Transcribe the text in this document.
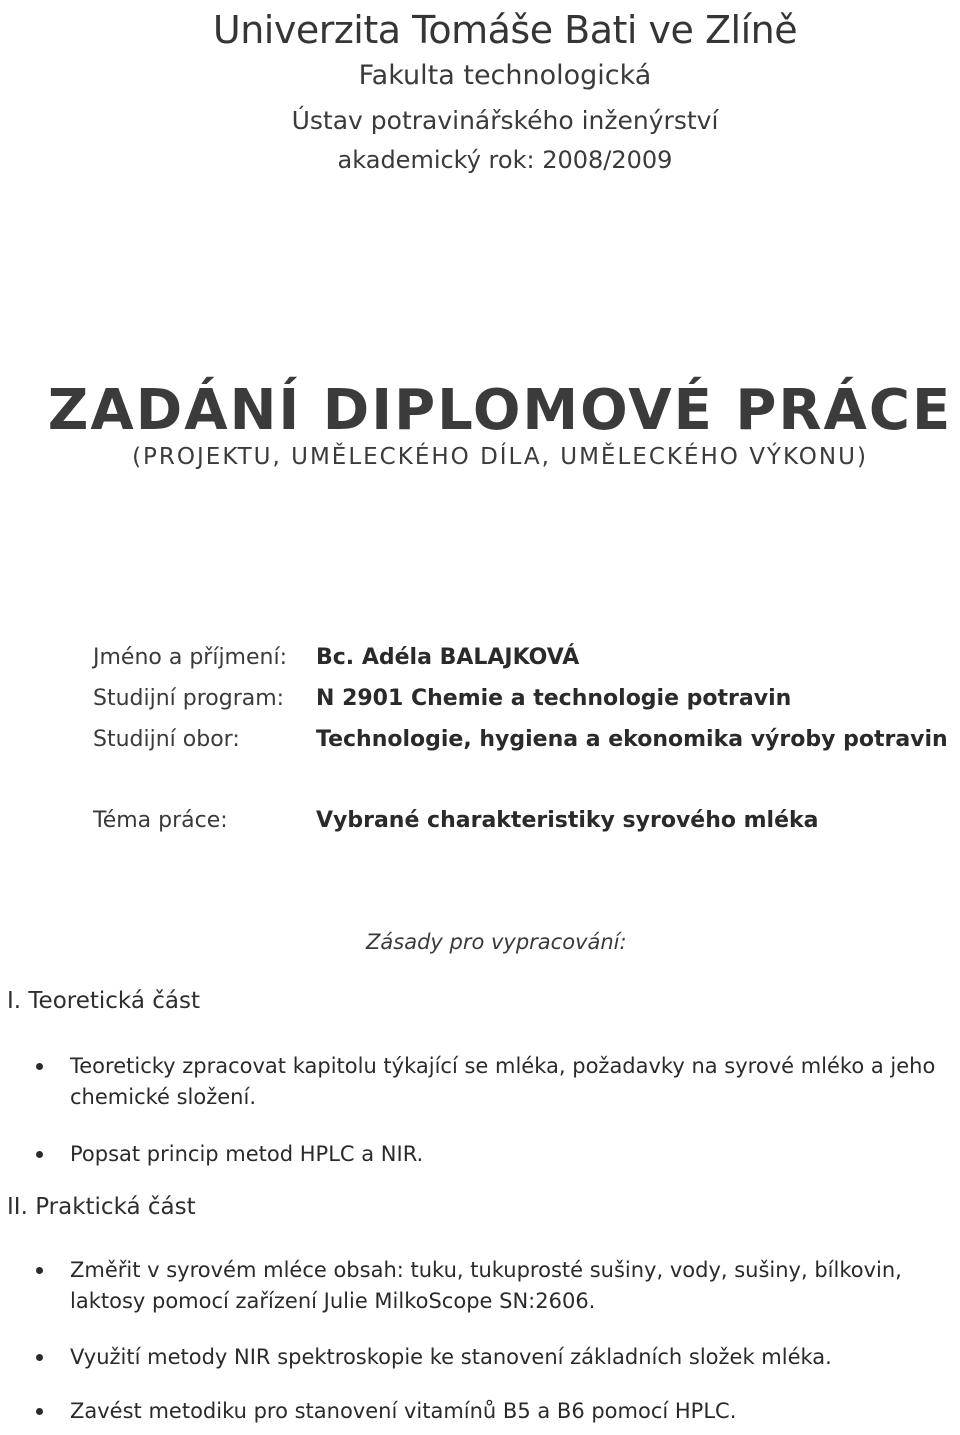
Univerzita Tomáše Bati ve Zlíně
Fakulta technologická
Ústav potravinářského inženýrství
akademický rok: 2008/2009
ZADÁNÍ DIPLOMOVÉ PRÁCE
(PROJEKTU, UMĚLECKÉHO DÍLA, UMĚLECKÉHO VÝKONU)
Jméno a příjmení: Bc. Adéla BALAJKOVÁ
Studijní program: N 2901 Chemie a technologie potravin
Studijní obor:	Technologie, hygiena a ekonomika výroby potravin
Téma práce:	Vybrané charakteristiky syrového mléka
Zásady pro vypracování:
I. Teoretická část
Teoreticky zpracovat kapitolu týkající se mléka, požadavky na syrové mléko a jeho chemické složení.
Popsat princip metod HPLC a NIR.
II. Praktická část
Změřit v syrovém mléce obsah: tuku, tukuprosté sušiny, vody, sušiny, bílkovin, laktosy pomocí zařízení Julie MilkoScope SN:2606.
Využití metody NIR spektroskopie ke stanovení základních složek mléka.
Zavést metodiku pro stanovení vitamínů B5 a B6 pomocí HPLC.
